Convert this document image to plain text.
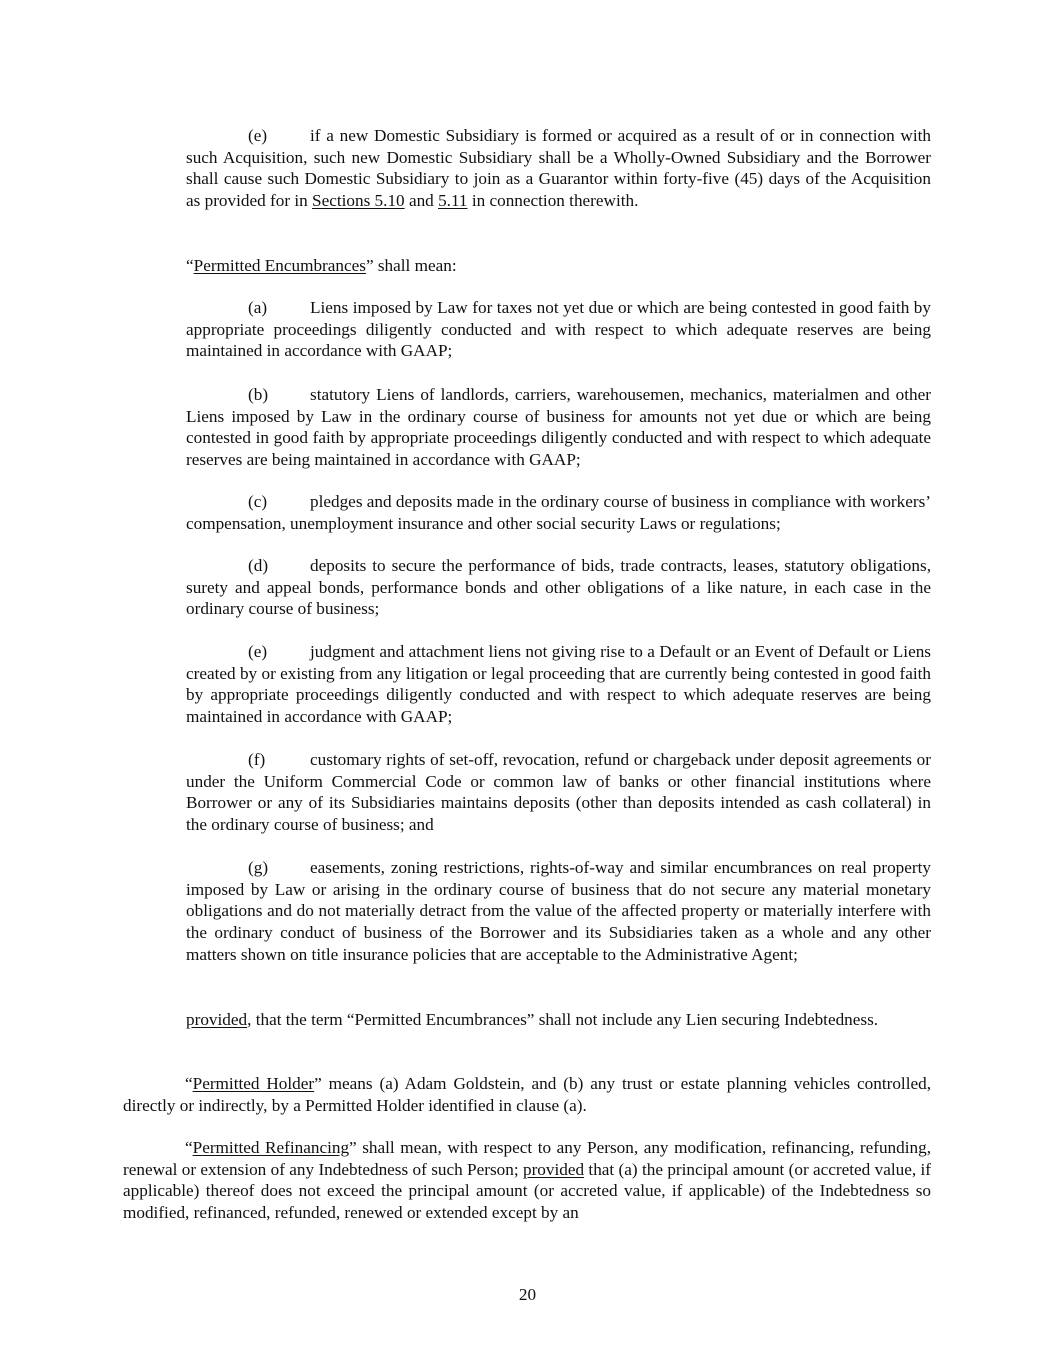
(e) if a new Domestic Subsidiary is formed or acquired as a result of or in connection with such Acquisition, such new Domestic Subsidiary shall be a Wholly-Owned Subsidiary and the Borrower shall cause such Domestic Subsidiary to join as a Guarantor within forty-five (45) days of the Acquisition as provided for in Sections 5.10 and 5.11 in connection therewith.

“Permitted Encumbrances” shall mean:

(a) Liens imposed by Law for taxes not yet due or which are being contested in good faith by appropriate proceedings diligently conducted and with respect to which adequate reserves are being maintained in accordance with GAAP;

(b) statutory Liens of landlords, carriers, warehousemen, mechanics, materialmen and other Liens imposed by Law in the ordinary course of business for amounts not yet due or which are being contested in good faith by appropriate proceedings diligently conducted and with respect to which adequate reserves are being maintained in accordance with GAAP;

(c) pledges and deposits made in the ordinary course of business in compliance with workers’ compensation, unemployment insurance and other social security Laws or regulations;

(d) deposits to secure the performance of bids, trade contracts, leases, statutory obligations, surety and appeal bonds, performance bonds and other obligations of a like nature, in each case in the ordinary course of business;

(e) judgment and attachment liens not giving rise to a Default or an Event of Default or Liens created by or existing from any litigation or legal proceeding that are currently being contested in good faith by appropriate proceedings diligently conducted and with respect to which adequate reserves are being maintained in accordance with GAAP;

(f)	customary rights of set-off, revocation, refund or chargeback under deposit agreements or under the Uniform Commercial Code or common law of banks or other financial institutions where Borrower or any of its Subsidiaries maintains deposits (other than deposits intended as cash collateral) in the ordinary course of business; and

(g) easements, zoning restrictions, rights-of-way and similar encumbrances on real property imposed by Law or arising in the ordinary course of business that do not secure any material monetary obligations and do not materially detract from the value of the affected property or materially interfere with the ordinary conduct of business of the Borrower and its Subsidiaries taken as a whole and any other matters shown on title insurance policies that are acceptable to the Administrative Agent;

provided, that the term “Permitted Encumbrances” shall not include any Lien securing Indebtedness.

“Permitted Holder” means (a) Adam Goldstein, and (b) any trust or estate planning vehicles controlled, directly or indirectly, by a Permitted Holder identified in clause (a).

“Permitted Refinancing” shall mean, with respect to any Person, any modification, refinancing, refunding, renewal or extension of any Indebtedness of such Person; provided that (a) the principal amount (or accreted value, if applicable) thereof does not exceed the principal amount (or accreted value, if applicable) of the Indebtedness so modified, refinanced, refunded, renewed or extended except by an

20
